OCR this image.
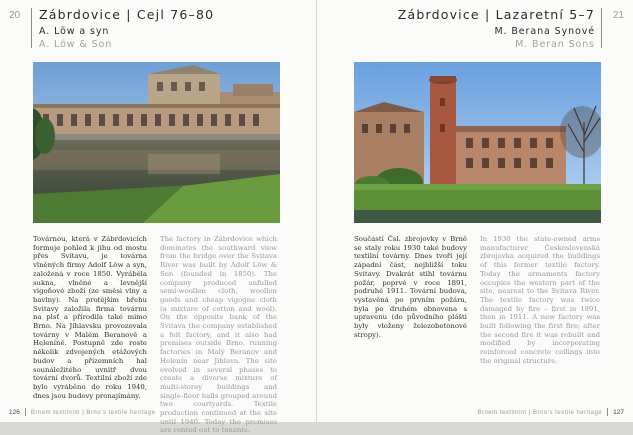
20 Zábrdovice | Cejl 76–80
A. Löw a syn
A. Löw & Son
Továrnou, která v Zábrdovicích formuje pohled k jihu od mostu přes Svitavu, je továrna vlněných firmy Adolf Löw a syn, založená v roce 1850. Vyráběla sukna, vlněné a levnější vigoňové zboží (ze směsi vlny a bavlny). Na protějším břehu Svitavy založila firma továrnu na plsť a přírodila také mimo Brno. Na Jihlavsku provozovala továrny v Malém Beranově a Heleníně. Postupně zde roste několik zdvojených etážových budov a přízemních hal sounáležitého uvnitř dvou tovární dvorů. Textilní zboží zde bylo vyráběno do roku 1940, dnes jsou budovy pronajímány.
The factory in Zábrdovice which dominates the southward view from the bridge over the Svitava River was built by Adolf Löw & Son (founded in 1850). The company produced unfulled semi-woollen cloth, woollen goods and cheap vigogne cloth (a mixture of cotton and wool). On the opposite bank of the Svitava the company established a felt factory, and it also had premises outside Brno, running factories in Malý Beranov and Helenín near Jihlava. The site evolved in several phases to create a diverse mixture of multi-storey buildings and single-floor halls grouped around two courtyards. Textile production continued at the site until 1940. Today the premises are rented out to tenants.
126 Brnem textilním | Brno’s textile heritage
21
Zábrdovice | Lazaretní 5–7
M. Berana Synové
M. Beran Sons
Součástí Čsl. zbrojovky v Brně se staly roku 1930 také budovy textilní továrny. Dnes tvoří její západní část, nejbližší toku Svitavy. Dvakrát stihl továrnu požár, poprvé v roce 1891, podruhé 1911. Tovární budova, vystavěná po prvním požáru, byla po druhém obnovena s upravenu (do původního plášti byly vloženy železobetonové stropy).
In 1930 the state-owned arms manufacturer Československá zbrojovka acquired the buildings of this former textile factory. Today the armaments factory occupies the western part of the site, nearest to the Svitava River. The textile factory was twice damaged by fire – first in 1891, then in 1911. A new factory was built following the first fire; after the second fire it was rebuilt and modified by incorporating reinforced concrete ceilings into the original structure.
Brnem textilním | Brno’s textile heritage 127
